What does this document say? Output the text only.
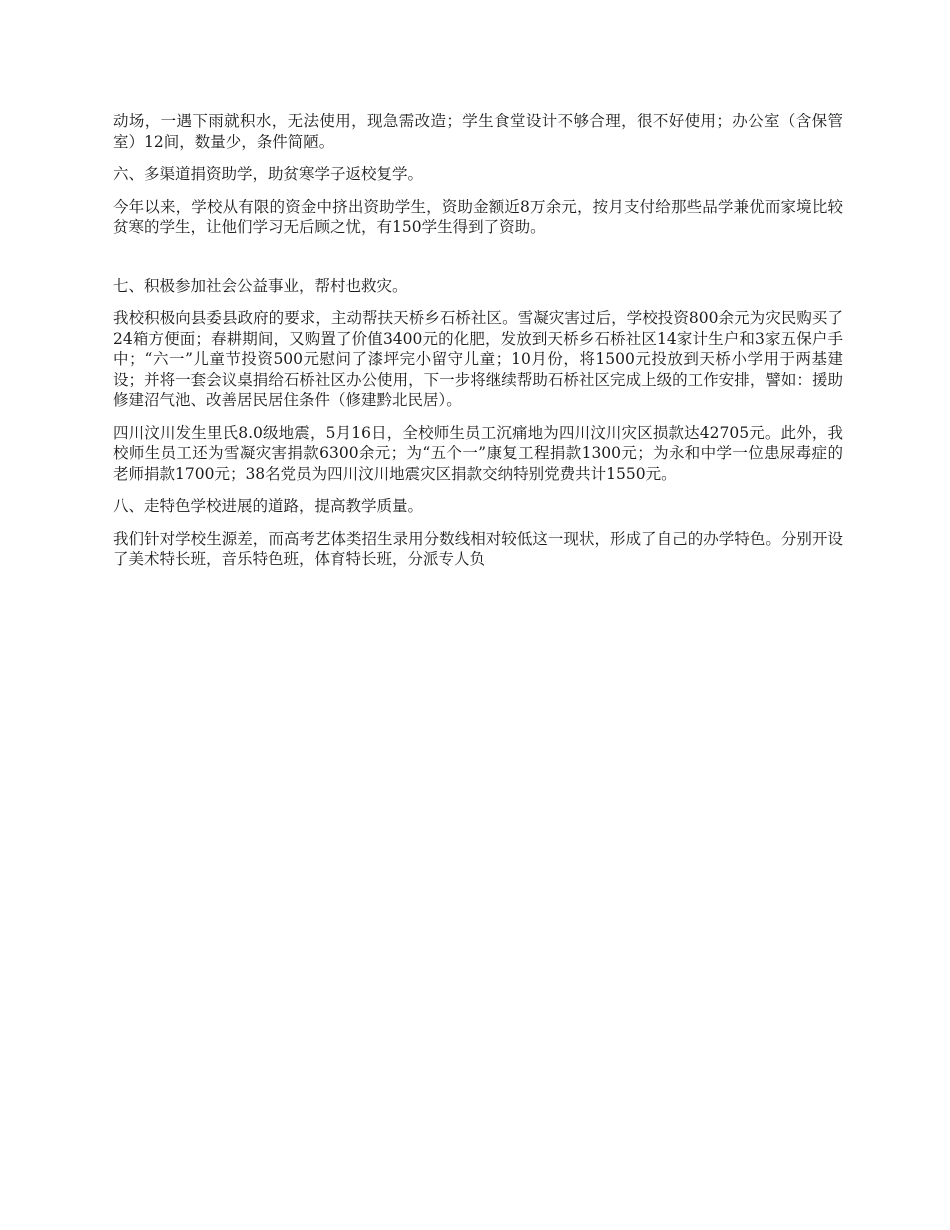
动场，一遇下雨就积水，无法使用，现急需改造；学生食堂设计不够合理，很不好使用；办公室（含保管室）12间，数量少，条件简陋。

六、多渠道捐资助学，助贫寒学子返校复学。

今年以来，学校从有限的资金中挤出资助学生，资助金额近8万余元，按月支付给那些品学兼优而家境比较贫寒的学生，让他们学习无后顾之忧，有150学生得到了资助。

七、积极参加社会公益事业，帮村也救灾。

我校积极向县委县政府的要求，主动帮扶天桥乡石桥社区。雪凝灾害过后，学校投资800余元为灾民购买了24箱方便面；春耕期间，又购置了价值3400元的化肥，发放到天桥乡石桥社区14家计生户和3家五保户手中；“六一”儿童节投资500元慰问了漆坪完小留守儿童；10月份，将1500元投放到天桥小学用于两基建设；并将一套会议桌捐给石桥社区办公使用，下一步将继续帮助石桥社区完成上级的工作安排，譬如：援助修建沼气池、改善居民居住条件（修建黔北民居）。

四川汶川发生里氏8.0级地震，5月16日，全校师生员工沉痛地为四川汶川灾区损款达42705元。此外，我校师生员工还为雪凝灾害捐款6300余元；为“五个一”康复工程捐款1300元；为永和中学一位患尿毒症的老师捐款1700元；38名党员为四川汶川地震灾区捐款交纳特别党费共计1550元。

八、走特色学校进展的道路，提高教学质量。

我们针对学校生源差，而高考艺体类招生录用分数线相对较低这一现状，形成了自己的办学特色。分别开设了美术特长班，音乐特色班，体育特长班，分派专人负
